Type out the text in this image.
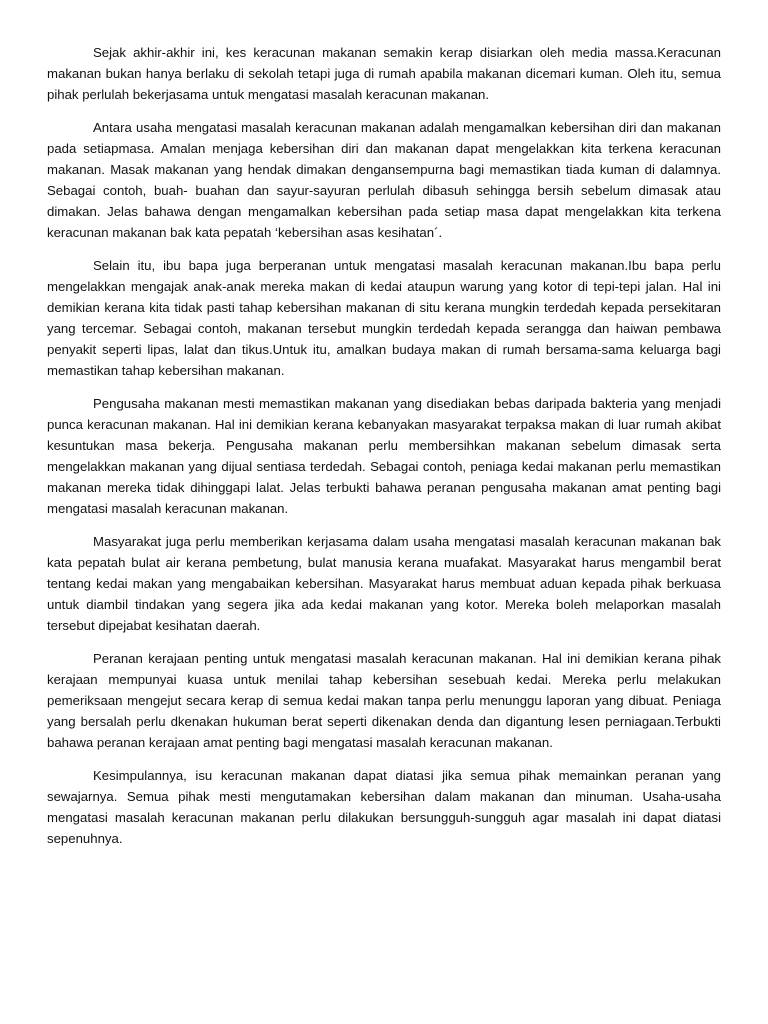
Sejak akhir-akhir ini, kes keracunan makanan semakin kerap disiarkan oleh media massa.Keracunan makanan bukan hanya berlaku di sekolah tetapi juga di rumah apabila makanan dicemari kuman. Oleh itu, semua pihak perlulah bekerjasama untuk mengatasi masalah keracunan makanan.

Antara usaha mengatasi masalah keracunan makanan adalah mengamalkan kebersihan diri dan makanan pada setiapmasa. Amalan menjaga kebersihan diri dan makanan dapat mengelakkan kita terkena keracunan makanan. Masak makanan yang hendak dimakan dengansempurna bagi memastikan tiada kuman di dalamnya. Sebagai contoh, buah- buahan dan sayur-sayuran perlulah dibasuh sehingga bersih sebelum dimasak atau dimakan. Jelas bahawa dengan mengamalkan kebersihan pada setiap masa dapat mengelakkan kita terkena keracunan makanan bak kata pepatah ‘kebersihan asas kesihatan´.

Selain itu, ibu bapa juga berperanan untuk mengatasi masalah keracunan makanan.Ibu bapa perlu mengelakkan mengajak anak-anak mereka makan di kedai ataupun warung yang kotor di tepi-tepi jalan. Hal ini demikian kerana kita tidak pasti tahap kebersihan makanan di situ kerana mungkin terdedah kepada persekitaran yang tercemar. Sebagai contoh, makanan tersebut mungkin terdedah kepada serangga dan haiwan pembawa penyakit seperti lipas, lalat dan tikus.Untuk itu, amalkan budaya makan di rumah bersama-sama keluarga bagi memastikan tahap kebersihan makanan.

Pengusaha makanan mesti memastikan makanan yang disediakan bebas daripada bakteria yang menjadi punca keracunan makanan. Hal ini demikian kerana kebanyakan masyarakat terpaksa makan di luar rumah akibat kesuntukan masa bekerja. Pengusaha makanan perlu membersihkan makanan sebelum dimasak serta mengelakkan makanan yang dijual sentiasa terdedah. Sebagai contoh, peniaga kedai makanan perlu memastikan makanan mereka tidak dihinggapi lalat. Jelas terbukti bahawa peranan pengusaha makanan amat penting bagi mengatasi masalah keracunan makanan.

Masyarakat juga perlu memberikan kerjasama dalam usaha mengatasi masalah keracunan makanan bak kata pepatah bulat air kerana pembetung, bulat manusia kerana muafakat. Masyarakat harus mengambil berat tentang kedai makan yang mengabaikan kebersihan. Masyarakat harus membuat aduan kepada pihak berkuasa untuk diambil tindakan yang segera jika ada kedai makanan yang kotor. Mereka boleh melaporkan masalah tersebut dipejabat kesihatan daerah.

Peranan kerajaan penting untuk mengatasi masalah keracunan makanan. Hal ini demikian kerana pihak kerajaan mempunyai kuasa untuk menilai tahap kebersihan sesebuah kedai. Mereka perlu melakukan pemeriksaan mengejut secara kerap di semua kedai makan tanpa perlu menunggu laporan yang dibuat. Peniaga yang bersalah perlu dkenakan hukuman berat seperti dikenakan denda dan digantung lesen perniagaan.Terbukti bahawa peranan kerajaan amat penting bagi mengatasi masalah keracunan makanan.

Kesimpulannya, isu keracunan makanan dapat diatasi jika semua pihak memainkan peranan yang sewajarnya. Semua pihak mesti mengutamakan kebersihan dalam makanan dan minuman. Usaha-usaha mengatasi masalah keracunan makanan perlu dilakukan bersungguh-sungguh agar masalah ini dapat diatasi sepenuhnya.
